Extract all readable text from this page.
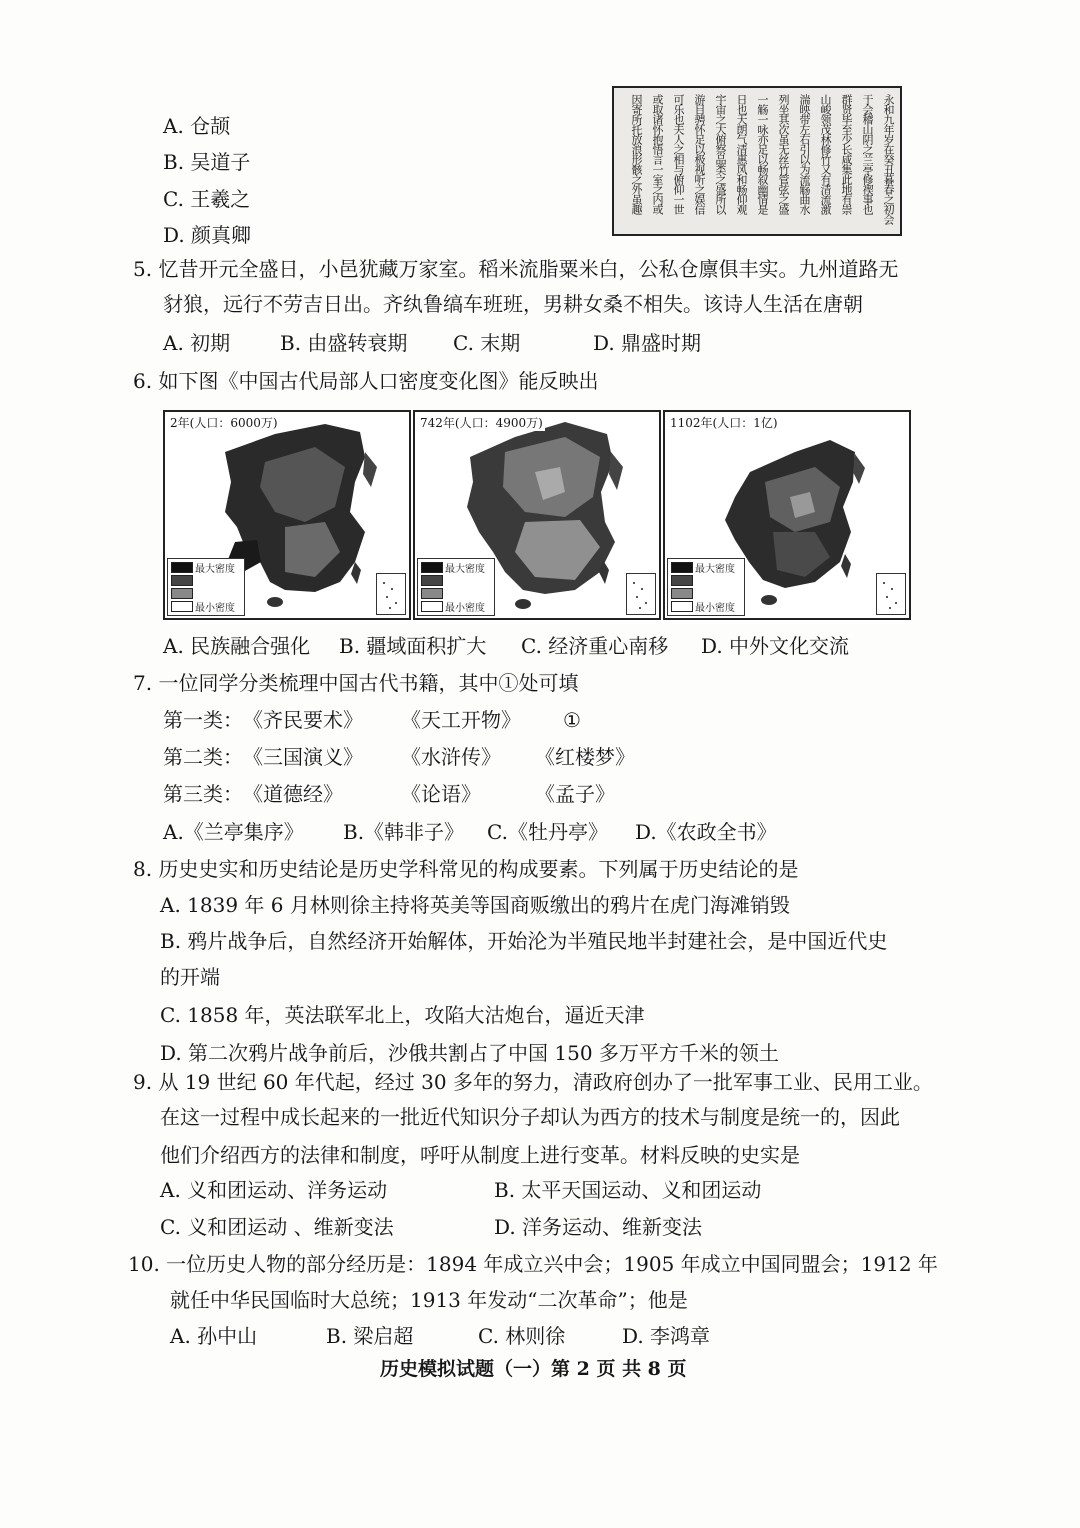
A. 仓颉
B. 吴道子
C. 王羲之
D. 颜真卿
永和九年岁在癸丑暮春之初会
于会稽山阴之兰亭修禊事也
群贤毕至少长咸集此地有崇
山峻领茂林修竹又有清流激
湍映带左右引以为流觞曲水
列坐其次虽无丝竹管弦之盛
一觞一咏亦足以畅叙幽情是
日也天朗气清惠风和畅仰观
宇宙之大俯察品类之盛所以
游目骋怀足以极视听之娱信
可乐也夫人之相与俯仰一世
或取诸怀抱悟言一室之内或
因寄所托放浪形骸之外虽趣
5. 忆昔开元全盛日，小邑犹藏万家室。稻米流脂粟米白，公私仓廪俱丰实。九州道路无
豺狼，远行不劳吉日出。齐纨鲁缟车班班，男耕女桑不相失。该诗人生活在唐朝
A. 初期 B. 由盛转衰期 C. 末期	D. 鼎盛时期
6. 如下图《中国古代局部人口密度变化图》能反映出
2年(人口：6000万)
最大密度
最小密度
742年(人口：4900万)
最大密度
最小密度
1102年(人口：1亿)
最大密度
最小密度
A. 民族融合强化 B. 疆域面积扩大 C. 经济重心南移 D. 中外文化交流
7. 一位同学分类梳理中国古代书籍，其中①处可填
第一类： 《齐民要术》 《天工开物》 ①
第二类： 《三国演义》 《水浒传》 《红楼梦》
第三类： 《道德经》	《论语》	《孟子》
A.《兰亭集序》 B.《韩非子》 C.《牡丹亭》 D.《农政全书》
8. 历史史实和历史结论是历史学科常见的构成要素。下列属于历史结论的是
A. 1839 年 6 月林则徐主持将英美等国商贩缴出的鸦片在虎门海滩销毁
B. 鸦片战争后，自然经济开始解体，开始沦为半殖民地半封建社会，是中国近代史
的开端
C. 1858 年，英法联军北上，攻陷大沽炮台，逼近天津
D. 第二次鸦片战争前后，沙俄共割占了中国 150 多万平方千米的领土
9. 从 19 世纪 60 年代起，经过 30 多年的努力，清政府创办了一批军事工业、民用工业。
在这一过程中成长起来的一批近代知识分子却认为西方的技术与制度是统一的，因此
他们介绍西方的法律和制度，呼吁从制度上进行变革。材料反映的史实是
A. 义和团运动、洋务运动	B. 太平天国运动、义和团运动
C. 义和团运动 、维新变法	D. 洋务运动、维新变法
10. 一位历史人物的部分经历是：1894 年成立兴中会；1905 年成立中国同盟会；1912 年
就任中华民国临时大总统；1913 年发动“二次革命”；他是
A. 孙中山	B. 梁启超	C. 林则徐	D. 李鸿章
历史模拟试题（一）第 2 页 共 8 页
